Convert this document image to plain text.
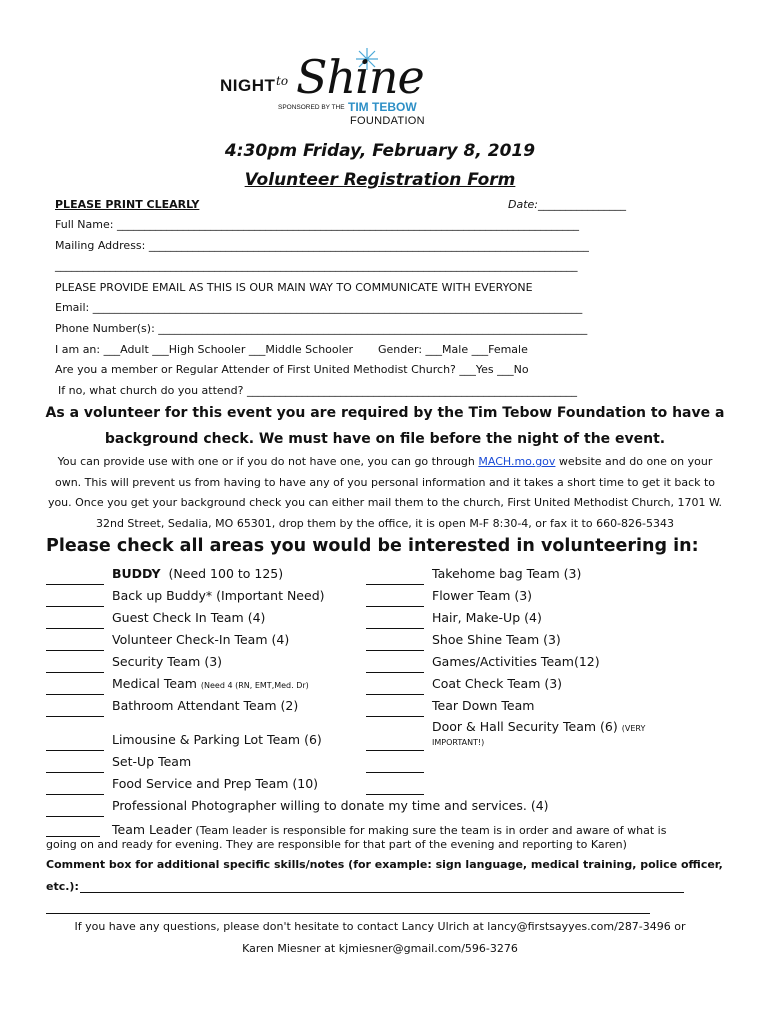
NIGHT to Shine
SPONSORED BY THE TIM TEBOW
FOUNDATION
4:30pm Friday, February 8, 2019
Volunteer Registration Form
PLEASE PRINT CLEARLY	Date:________________
Full Name: ____________________________________________________________________________________
Mailing Address: ________________________________________________________________________________
_______________________________________________________________________________________________
PLEASE PROVIDE EMAIL AS THIS IS OUR MAIN WAY TO COMMUNICATE WITH EVERYONE
Email: _________________________________________________________________________________________
Phone Number(s): ______________________________________________________________________________
I am an: ___Adult ___High Schooler ___Middle Schooler Gender: ___Male ___Female
Are you a member or Regular Attender of First United Methodist Church? ___Yes ___No
If no, what church do you attend? ____________________________________________________________
As a volunteer for this event you are required by the Tim Tebow Foundation to have a
background check. We must have on file before the night of the event.
You can provide use with one or if you do not have one, you can go through MACH.mo.gov website and do one on your
own. This will prevent us from having to have any of you personal information and it takes a short time to get it back to
you. Once you get your background check you can either mail them to the church, First United Methodist Church, 1701 W.
32nd Street, Sedalia, MO 65301, drop them by the office, it is open M-F 8:30-4, or fax it to 660-826-5343
Please check all areas you would be interested in volunteering in:
BUDDY (Need 100 to 125)
Back up Buddy* (Important Need)
Guest Check In Team (4)
Volunteer Check-In Team (4)
Security Team (3)
Medical Team (Need 4 (RN, EMT,Med. Dr)
Bathroom Attendant Team (2)
Limousine & Parking Lot Team (6)
Set-Up Team
Food Service and Prep Team (10)
Takehome bag Team (3)
Flower Team (3)
Hair, Make-Up (4)
Shoe Shine Team (3)
Games/Activities Team(12)
Coat Check Team (3)
Tear Down Team
Door & Hall Security Team (6) (VERY
IMPORTANT!)
Professional Photographer willing to donate my time and services. (4)
Team Leader (Team leader is responsible for making sure the team is in order and aware of what is
going on and ready for evening. They are responsible for that part of the evening and reporting to Karen)
Comment box for additional specific skills/notes (for example: sign language, medical training, police officer,
etc.):
If you have any questions, please don't hesitate to contact Lancy Ulrich at lancy@firstsayyes.com/287-3496 or
Karen Miesner at kjmiesner@gmail.com/596-3276
